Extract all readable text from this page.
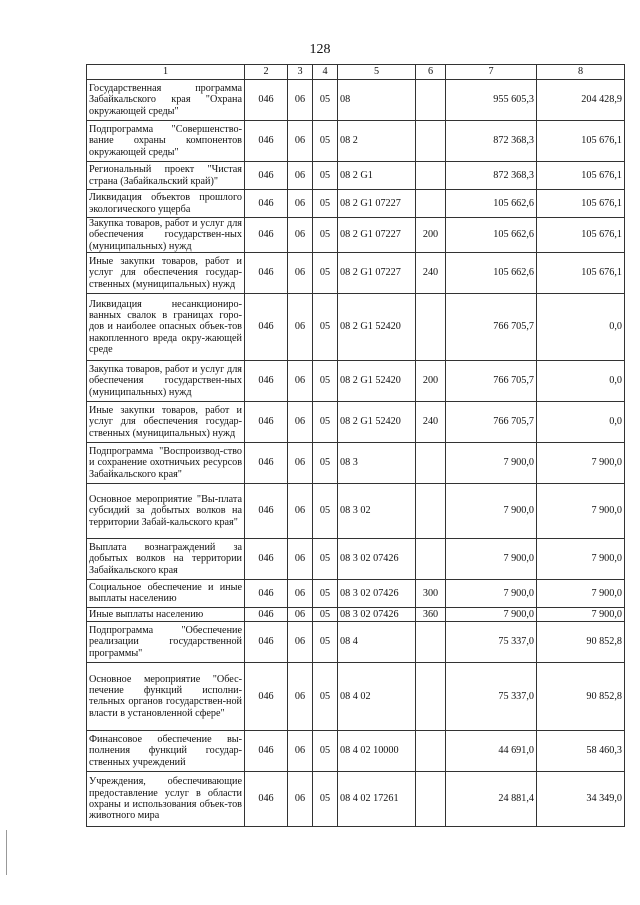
128
1	2	3	4	5	6	7	8
Государственная программа Забайкальского края "Охрана окружающей среды"	046	06	05	08		955 605,3	204 428,9
Подпрограмма "Совершенство-вание охраны компонентов окружающей среды"	046	06	05	08 2		872 368,3	105 676,1
Региональный проект "Чистая страна (Забайкальский край)"	046	06	05	08 2 G1		872 368,3	105 676,1
Ликвидация объектов прошлого экологического ущерба	046	06	05	08 2 G1 07227		105 662,6	105 676,1
Закупка товаров, работ и услуг для обеспечения государствен-ных (муниципальных) нужд	046	06	05	08 2 G1 07227	200	105 662,6	105 676,1
Иные закупки товаров, работ и услуг для обеспечения государ-ственных (муниципальных) нужд	046	06	05	08 2 G1 07227	240	105 662,6	105 676,1
Ликвидация несанкциониро-ванных свалок в границах горо-дов и наиболее опасных объек-тов накопленного вреда окру-жающей среде	046	06	05	08 2 G1 52420		766 705,7	0,0
Закупка товаров, работ и услуг для обеспечения государствен-ных (муниципальных) нужд	046	06	05	08 2 G1 52420	200	766 705,7	0,0
Иные закупки товаров, работ и услуг для обеспечения государ-ственных (муниципальных) нужд	046	06	05	08 2 G1 52420	240	766 705,7	0,0
Подпрограмма "Воспроизвод-ство и сохранение охотничьих ресурсов Забайкальского края"	046	06	05	08 3		7 900,0	7 900,0
Основное мероприятие "Вы-плата субсидий за добытых волков на территории Забай-кальского края"	046	06	05	08 3 02		7 900,0	7 900,0
Выплата вознаграждений за добытых волков на территории Забайкальского края	046	06	05	08 3 02 07426		7 900,0	7 900,0
Социальное обеспечение и иные выплаты населению	046	06	05	08 3 02 07426	300	7 900,0	7 900,0
Иные выплаты населению	046	06	05	08 3 02 07426	360	7 900,0	7 900,0
Подпрограмма "Обеспечение реализации государственной программы"	046	06	05	08 4		75 337,0	90 852,8
Основное мероприятие "Обес-печение функций исполни-тельных органов государствен-ной власти в установленной сфере"	046	06	05	08 4 02		75 337,0	90 852,8
Финансовое обеспечение вы-полнения функций государ-ственных учреждений	046	06	05	08 4 02 10000		44 691,0	58 460,3
Учреждения, обеспечивающие предоставление услуг в области охраны и использования объек-тов животного мира	046	06	05	08 4 02 17261		24 881,4	34 349,0
